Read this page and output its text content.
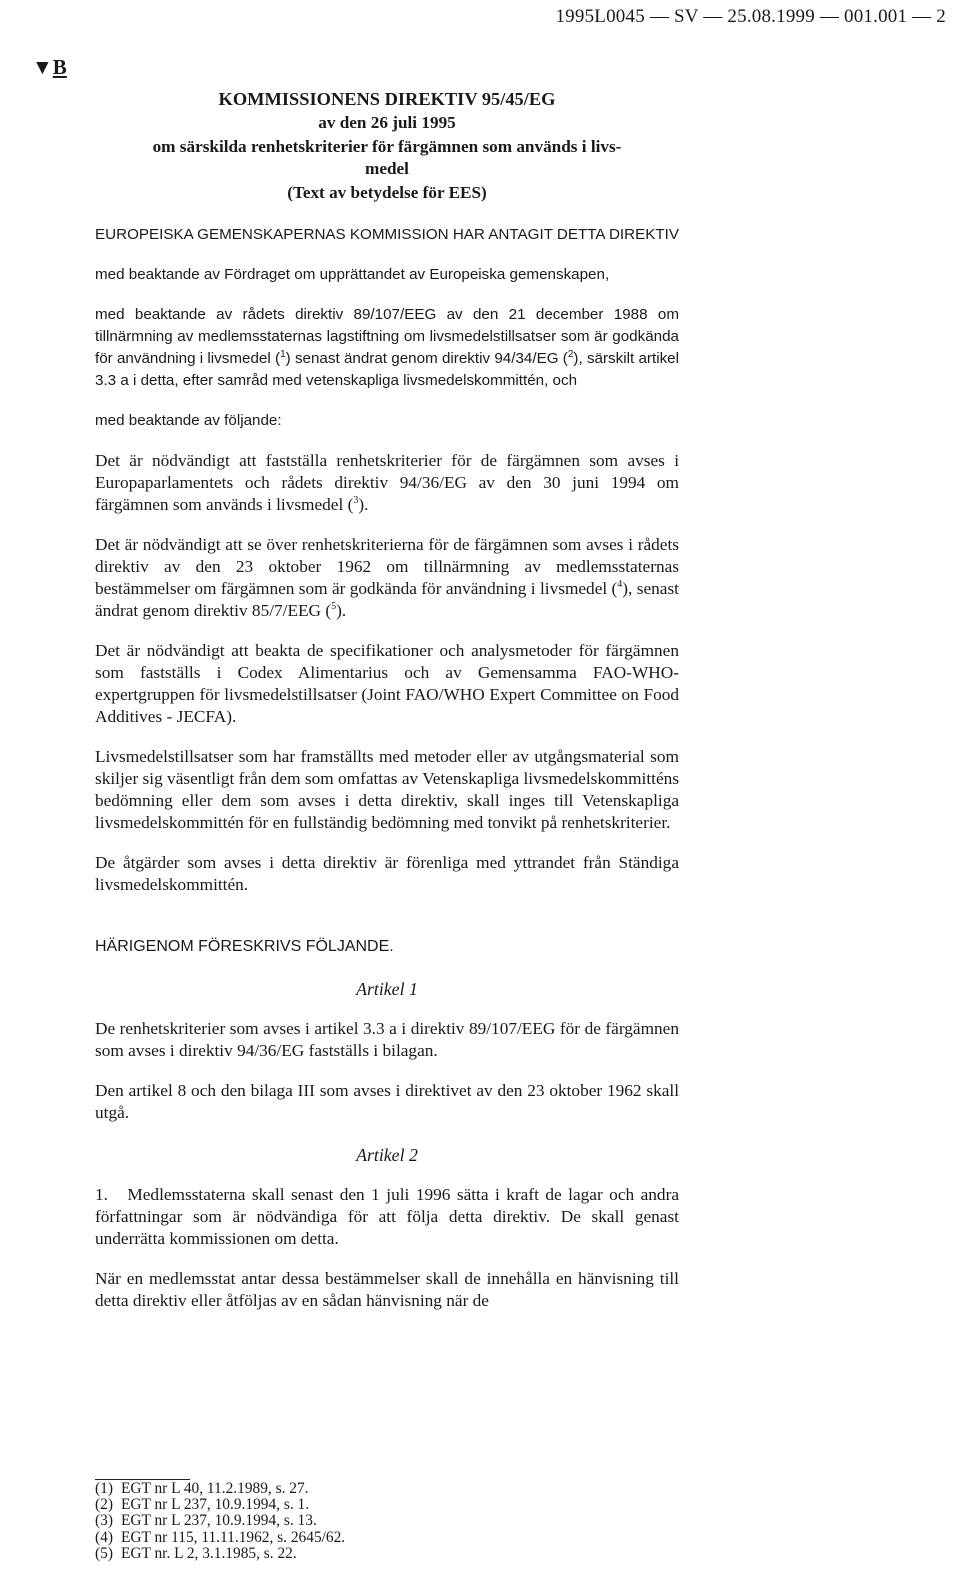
1995L0045 — SV — 25.08.1999 — 001.001 — 2
▼B
KOMMISSIONENS DIREKTIV 95/45/EG
av den 26 juli 1995
om särskilda renhetskriterier för färgämnen som används i livs-
medel
(Text av betydelse för EES)

EUROPEISKA GEMENSKAPERNAS KOMMISSION HAR ANTAGIT DETTA DIREKTIV

med beaktande av Fördraget om upprättandet av Europeiska gemenskapen,

med beaktande av rådets direktiv 89/107/EEG av den 21 december 1988 om tillnärmning av medlemsstaternas lagstiftning om livsmedelstillsatser som är godkända för användning i livsmedel ($^1$) senast ändrat genom direktiv 94/34/EG ($^2$), särskilt artikel 3.3 a i detta, efter samråd med vetenskapliga livsmedelskommittén, och

med beaktande av följande:

Det är nödvändigt att fastställa renhetskriterier för de färgämnen som avses i Europaparlamentets och rådets direktiv 94/36/EG av den 30 juni 1994 om färgämnen som används i livsmedel ($^3$).

Det är nödvändigt att se över renhetskriterierna för de färgämnen som avses i rådets direktiv av den 23 oktober 1962 om tillnärmning av medlemsstaternas bestämmelser om färgämnen som är godkända för användning i livsmedel ($^4$), senast ändrat genom direktiv 85/7/EEG ($^5$).

Det är nödvändigt att beakta de specifikationer och analysmetoder för färgämnen som fastställs i Codex Alimentarius och av Gemensamma FAO-WHO-expertgruppen för livsmedelstillsatser (Joint FAO/WHO Expert Committee on Food Additives - JECFA).

Livsmedelstillsatser som har framställts med metoder eller av utgångsmaterial som skiljer sig väsentligt från dem som omfattas av Vetenskapliga livsmedelskommitténs bedömning eller dem som avses i detta direktiv, skall inges till Vetenskapliga livsmedelskommittén för en fullständig bedömning med tonvikt på renhetskriterier.

De åtgärder som avses i detta direktiv är förenliga med yttrandet från Ständiga livsmedelskommittén.

HÄRIGENOM FÖRESKRIVS FÖLJANDE.

Artikel 1

De renhetskriterier som avses i artikel 3.3 a i direktiv 89/107/EEG för de färgämnen som avses i direktiv 94/36/EG fastställs i bilagan.

Den artikel 8 och den bilaga III som avses i direktivet av den 23 oktober 1962 skall utgå.

Artikel 2

1.   Medlemsstaterna skall senast den 1 juli 1996 sätta i kraft de lagar och andra författningar som är nödvändiga för att följa detta direktiv. De skall genast underrätta kommissionen om detta.

När en medlemsstat antar dessa bestämmelser skall de innehålla en hänvisning till detta direktiv eller åtföljas av en sådan hänvisning när de

(1) EGT nr L 40, 11.2.1989, s. 27.
(2) EGT nr L 237, 10.9.1994, s. 1.
(3) EGT nr L 237, 10.9.1994, s. 13.
(4) EGT nr 115, 11.11.1962, s. 2645/62.
(5) EGT nr. L 2, 3.1.1985, s. 22.
